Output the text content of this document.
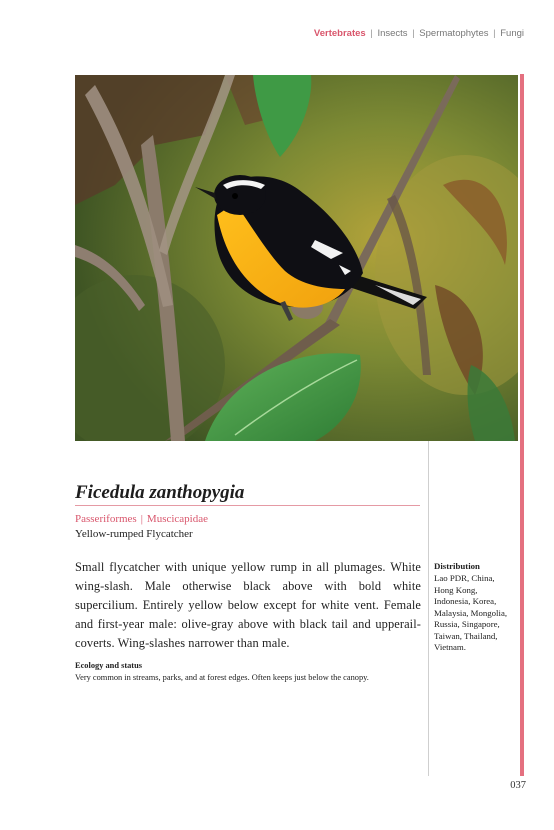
Vertebrates | Insects | Spermatophytes | Fungi
Ficedula zanthopygia
Passeriformes | Muscicapidae
Yellow-rumped Flycatcher
Small flycatcher with unique yellow rump in all plumages. White wing-slash. Male otherwise black above with bold white supercilium. Entirely yellow below except for white vent. Female and first-year male: olive-gray above with black tail and upperail-coverts. Wing-slashes narrower than male.
Ecology and status
Very common in streams, parks, and at forest edges. Often keeps just below the canopy.
Distribution
Lao PDR, China, Hong Kong, Indonesia, Korea, Malaysia, Mongolia, Russia, Singapore, Taiwan, Thailand, Vietnam.
037
